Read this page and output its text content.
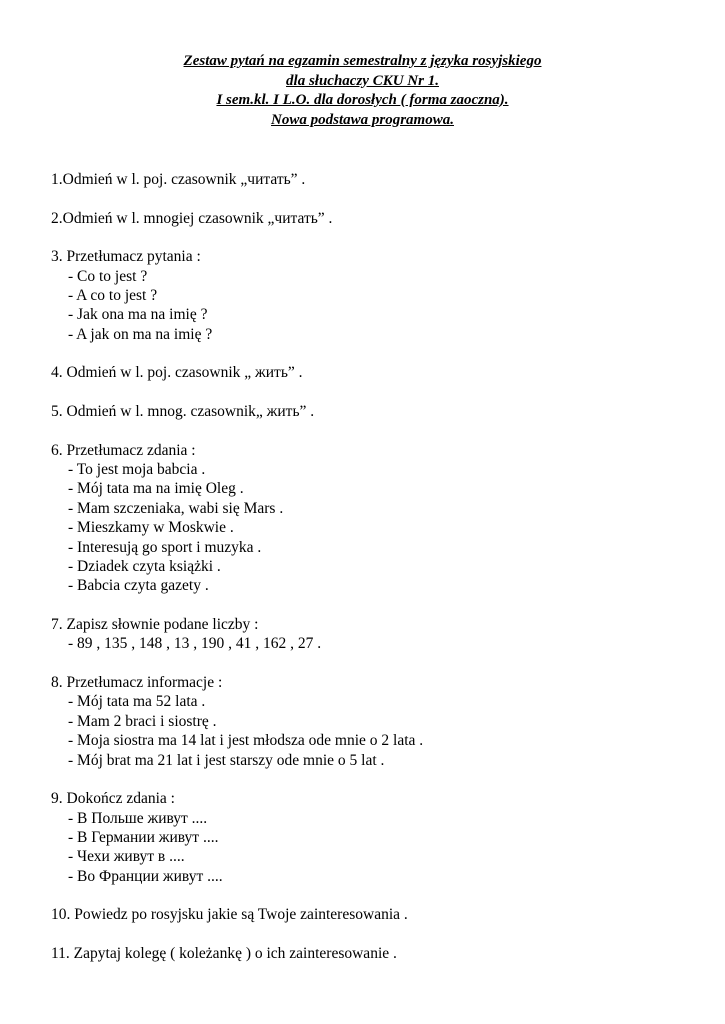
Zestaw pytań na egzamin semestralny z języka rosyjskiego
dla słuchaczy CKU Nr 1.
I sem.kl. I L.O. dla dorosłych ( forma zaoczna).
Nowa podstawa programowa.
1.Odmień w l. poj. czasownik „читать” .
2.Odmień w l. mnogiej czasownik „читать” .
3. Przetłumacz pytania :
- Co to jest ?
- A co to jest ?
- Jak ona ma na imię ?
- A jak on ma na imię ?
4. Odmień w l. poj. czasownik „ жить” .
5. Odmień w l. mnog. czasownik„ жить” .
6. Przetłumacz zdania :
- To jest moja babcia .
- Mój tata ma na imię Oleg .
- Mam szczeniaka, wabi się Mars .
- Mieszkamy w Moskwie .
- Interesują go sport i muzyka .
- Dziadek czyta książki .
- Babcia czyta gazety .
7. Zapisz słownie podane liczby :
- 89 , 135 , 148 , 13 , 190 , 41 , 162 , 27 .
8. Przetłumacz informacje :
- Mój tata ma 52 lata .
- Mam 2 braci i siostrę .
- Moja siostra ma 14 lat i jest młodsza ode mnie o 2 lata .
- Mój brat ma 21 lat i jest starszy ode mnie o 5 lat .
9. Dokończ zdania :
- В Польше живут ....
- В Германии живут ....
- Чехи живут в ....
- Во Франции живут ....
10. Powiedz po rosyjsku jakie są Twoje zainteresowania .
11. Zapytaj kolegę ( koleżankę ) o ich zainteresowanie .
